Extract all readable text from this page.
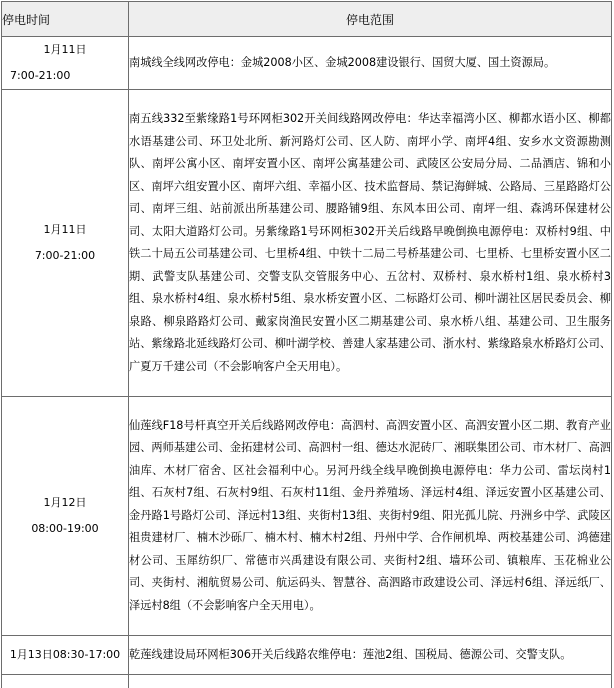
停电时间	停电范围

1月11日
7:00-21:00	南城线全线网改停电：金城2008小区、金城2008建设银行、国贸大厦、国土资源局。

1月11日
7:00-21:00	南五线332至紫缘路1号环网柜302开关间线路网改停电：华达幸福湾小区、柳都水语小区、柳都水语基建公司、环卫处北所、新河路灯公司、区人防、南坪小学、南坪4组、安乡水文资源勘测队、南坪公寓小区、南坪安置小区、南坪公寓基建公司、武陵区公安局分局、二品酒店、锦和小区、南坪六组安置小区、南坪六组、幸福小区、技术监督局、禁记海鲜城、公路局、三星路路灯公司、南坪三组、站前派出所基建公司、腰路铺9组、东风本田公司、南坪一组、森鸿环保建材公司、太阳大道路灯公司。另紫缘路1号环网柜302开关后线路早晚倒换电源停电：双桥村9组、中铁二十局五公司基建公司、七里桥4组、中铁十二局二号桥基建公司、七里桥、七里桥安置小区二期、武警支队基建公司、交警支队交管服务中心、五岔村、双桥村、泉水桥村1组、泉水桥村3组、泉水桥村4组、泉水桥村5组、泉水桥安置小区、二标路灯公司、柳叶湖社区居民委员会、柳泉路、柳泉路路灯公司、戴家岗渔民安置小区二期基建公司、泉水桥八组、基建公司、卫生服务站、紫缘路北延线路灯公司、柳叶湖学校、善建人家基建公司、浙水村、紫缘路泉水桥路灯公司、广夏万千建公司（不会影响客户全天用电）。

1月12日
08:00-19:00	仙莲线F18号杆真空开关后线路网改停电：高泗村、高泗安置小区、高泗安置小区二期、教育产业园、两师基建公司、金拓建材公司、高泗村一组、德达水泥砖厂、湘联集团公司、市木材厂、高泗油库、木材厂宿舍、区社会福利中心。另河丹线全线早晚倒换电源停电：华力公司、雷坛岗村1组、石灰村7组、石灰村9组、石灰村11组、金丹养殖场、泽远村4组、泽远安置小区基建公司、金丹路1号路灯公司、泽远村13组、夹街村13组、夹街村9组、阳光孤儿院、丹洲乡中学、武陵区祖贵建材厂、楠木沙砾厂、楠木村、楠木村2组、丹州中学、合作闸机埠、两校基建公司、鸿德建材公司、玉犀纺织厂、常德市兴禹建设有限公司、夹街村2组、墙环公司、镇粮库、玉花棉业公司、夹街村、湘航贸易公司、航运码头、智慧谷、高泗路市政建设公司、泽远村6组、泽远纸厂、泽远村8组（不会影响客户全天用电）。
1月13日08:30-17:00	乾莲线建设局环网柜306开关后线路农维停电：莲池2组、国税局、德源公司、交警支队。
